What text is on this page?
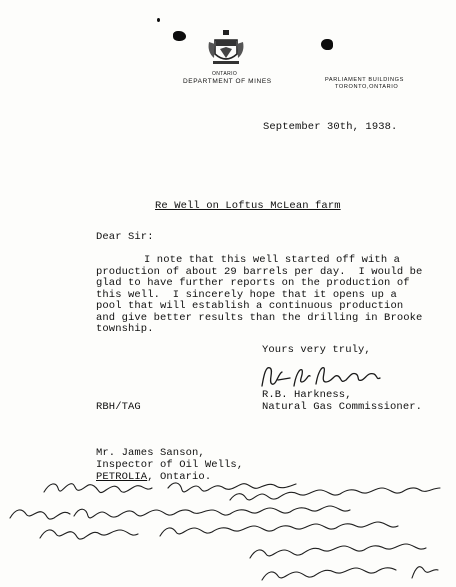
ONTARIO
DEPARTMENT OF MINES	PARLIAMENT BUILDINGS
TORONTO,ONTARIO
September 30th, 1938.
Re Well on Loftus McLean farm
Dear Sir:
I note that this well started off with a
production of about 29 barrels per day.  I would be
glad to have further reports on the production of
this well.  I sincerely hope that it opens up a
pool that will establish a continuous production
and give better results than the drilling in Brooke
township.
Yours very truly,
R.B. Harkness,
Natural Gas Commissioner.
RBH/TAG
Mr. James Sanson,
Inspector of Oil Wells,
PETROLIA, Ontario.
